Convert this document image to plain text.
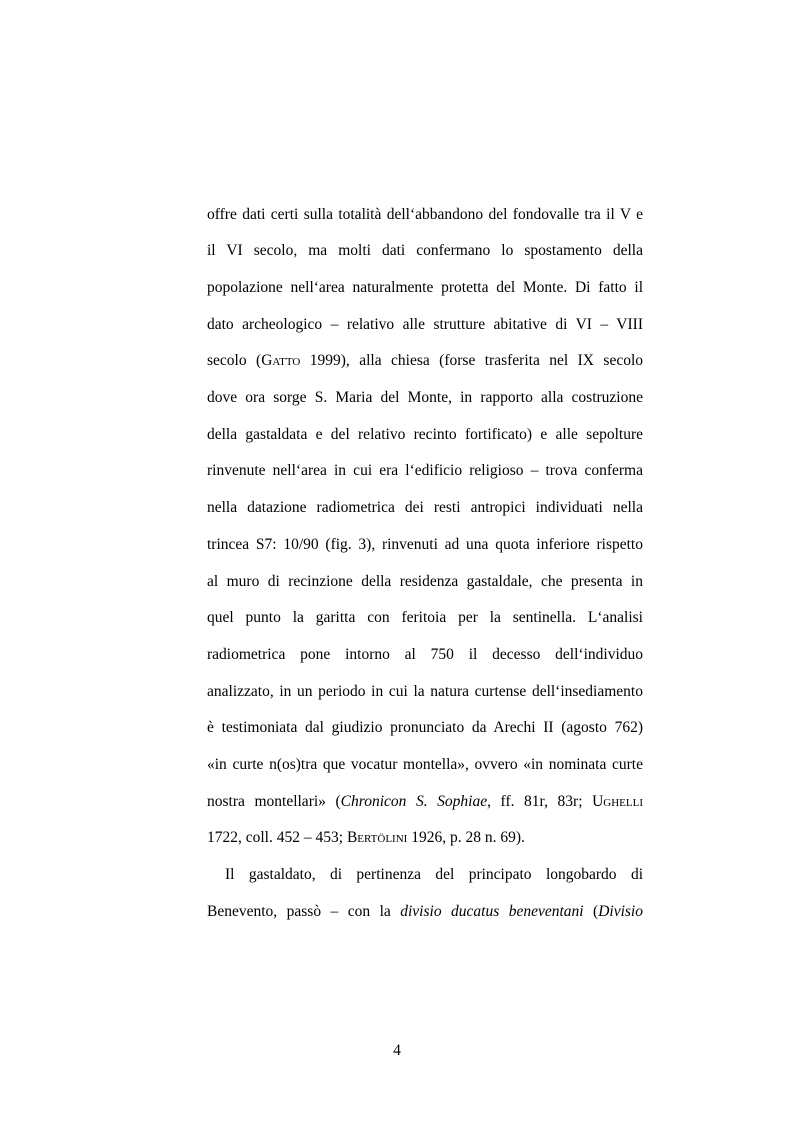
offre dati certi sulla totalità dell‘abbandono del fondovalle tra il V e
il VI secolo, ma molti dati confermano lo spostamento della
popolazione nell‘area naturalmente protetta del Monte. Di fatto il
dato archeologico – relativo alle strutture abitative di VI – VIII
secolo (Gatto 1999), alla chiesa (forse trasferita nel IX secolo
dove ora sorge S. Maria del Monte, in rapporto alla costruzione
della gastaldata e del relativo recinto fortificato) e alle sepolture
rinvenute nell‘area in cui era l‘edificio religioso – trova conferma
nella datazione radiometrica dei resti antropici individuati nella
trincea S7: 10/90 (fig. 3), rinvenuti ad una quota inferiore rispetto
al muro di recinzione della residenza gastaldale, che presenta in
quel punto la garitta con feritoia per la sentinella. L‘analisi
radiometrica pone intorno al 750 il decesso dell‘individuo
analizzato, in un periodo in cui la natura curtense dell‘insediamento
è testimoniata dal giudizio pronunciato da Arechi II (agosto 762)
«in curte n(os)tra que vocatur montella», ovvero «in nominata curte
nostra montellari» (Chronicon S. Sophiae, ff. 81r, 83r; Ughelli
1722, coll. 452 – 453; Bertölini 1926, p. 28 n. 69).
Il gastaldato, di pertinenza del principato longobardo di
Benevento, passò – con la divisio ducatus beneventani (Divisio
4
